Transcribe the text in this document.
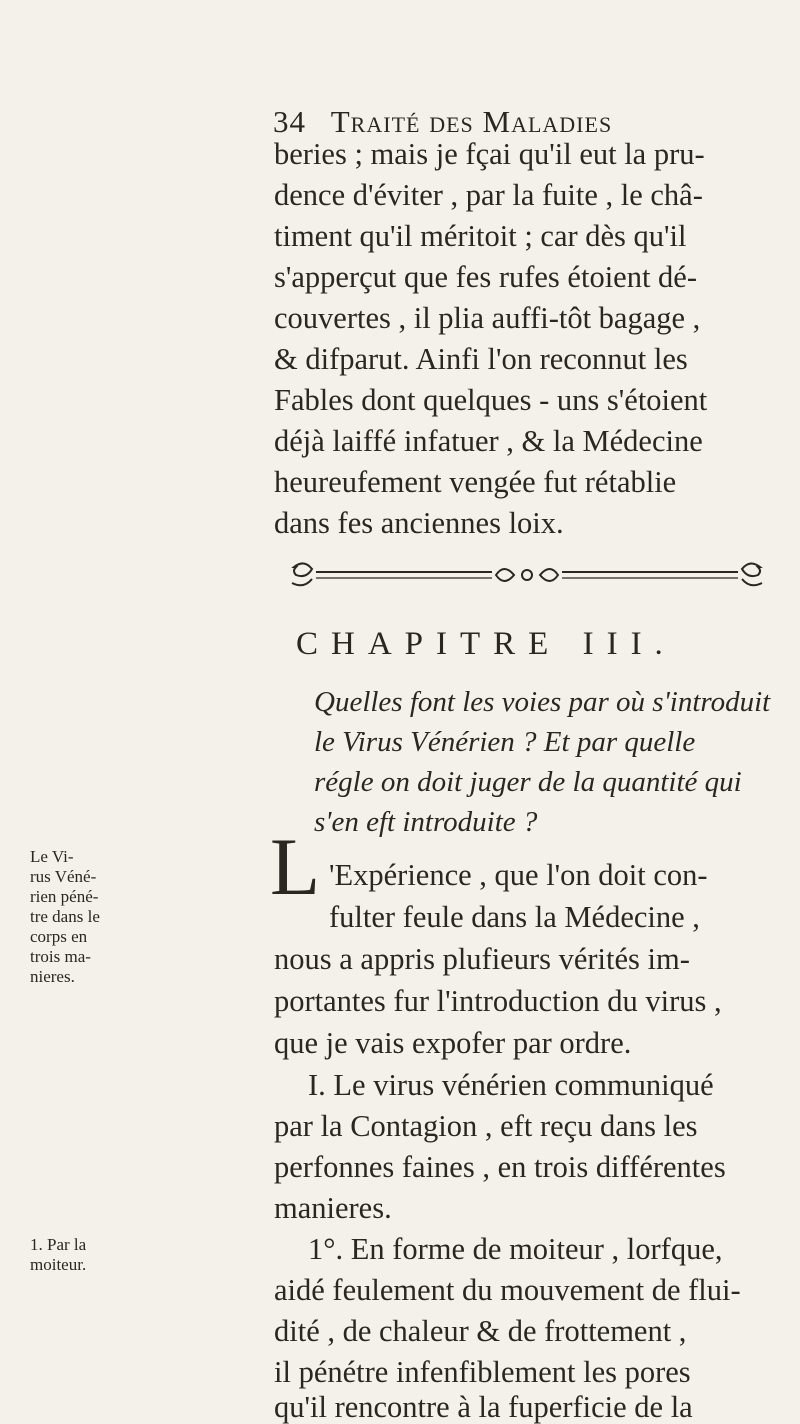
34 Traité des Maladies
beries ; mais je fçai qu'il eut la pru-
dence d'éviter , par la fuite , le châ-
timent qu'il méritoit ; car dès qu'il
s'apperçut que fes rufes étoient dé-
couvertes , il plia auffi-tôt bagage ,
& difparut. Ainfi l'on reconnut les
Fables dont quelques - uns s'étoient
déjà laiffé infatuer , & la Médecine
heureufement vengée fut rétablie
dans fes anciennes loix.
CHAPITRE III.
Quelles font les voies par où s'introduit
le Virus Vénérien ? Et par quelle
régle on doit juger de la quantité qui
s'en eft introduite ?
L 'Expérience , que l'on doit con-
fulter feule dans la Médecine ,
nous a appris plufieurs vérités im-
portantes fur l'introduction du virus ,
que je vais expofer par ordre.
I. Le virus vénérien communiqué
par la Contagion , eft reçu dans les
perfonnes faines , en trois différentes
manieres.
1°. En forme de moiteur , lorfque,
aidé feulement du mouvement de flui-
dité , de chaleur & de frottement ,
il pénétre infenfiblement les pores
qu'il rencontre à la fuperficie de la
Le Vi-
rus Véné-
rien péné-
tre dans le
corps en
trois ma-
nieres.
1. Par la
moiteur.
